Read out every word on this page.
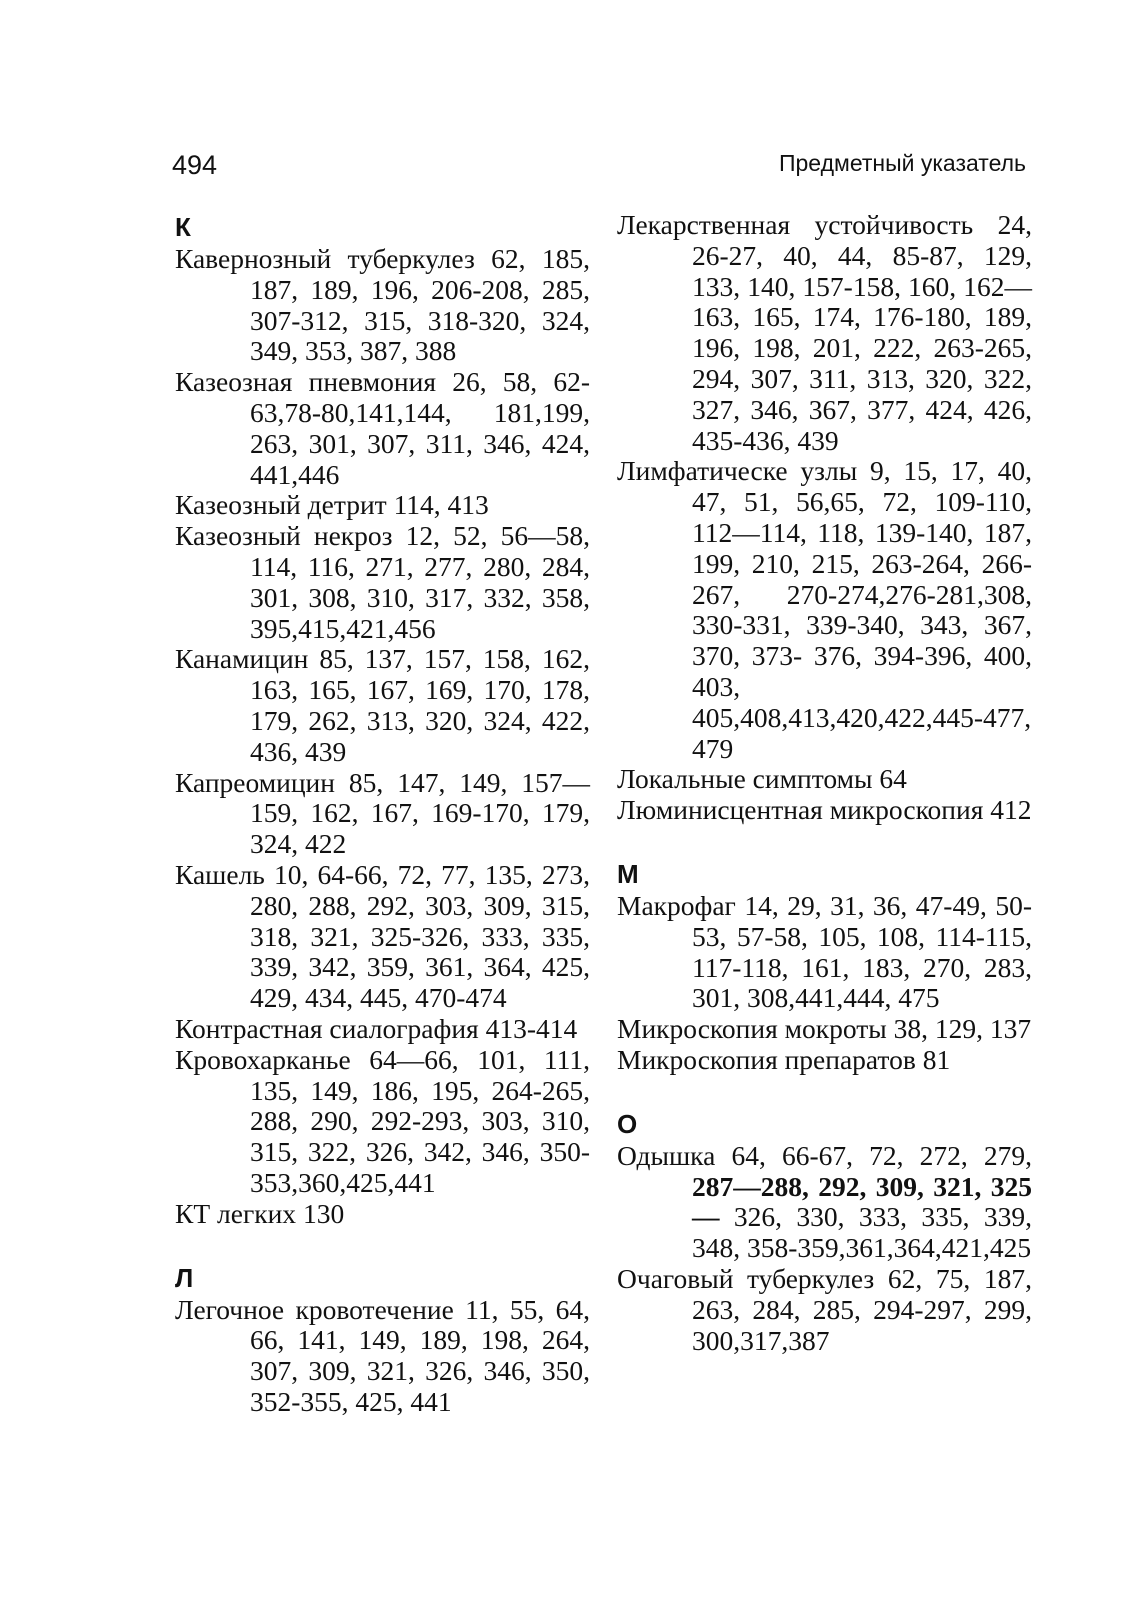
494	Предметный указатель
К
Кавернозный туберкулез 62, 185, 187, 189, 196, 206-208, 285, 307-312, 315, 318-320, 324, 349, 353, 387, 388
Казеозная пневмония 26, 58, 62-63,78-80,141,144, 181,199, 263, 301, 307, 311, 346, 424, 441,446
Казеозный детрит 114, 413
Казеозный некроз 12, 52, 56—58, 114, 116, 271, 277, 280, 284, 301, 308, 310, 317, 332, 358, 395,415,421,456
Канамицин 85, 137, 157, 158, 162, 163, 165, 167, 169, 170, 178, 179, 262, 313, 320, 324, 422, 436, 439
Капреомицин 85, 147, 149, 157—159, 162, 167, 169-170, 179, 324, 422
Кашель 10, 64-66, 72, 77, 135, 273, 280, 288, 292, 303, 309, 315, 318, 321, 325-326, 333, 335, 339, 342, 359, 361, 364, 425, 429, 434, 445, 470-474
Контрастная сиалография 413-414
Кровохарканье 64—66, 101, 111, 135, 149, 186, 195, 264-265, 288, 290, 292-293, 303, 310, 315, 322, 326, 342, 346, 350-353,360,425,441
КТ легких 130
Л
Легочное кровотечение 11, 55, 64, 66, 141, 149, 189, 198, 264, 307, 309, 321, 326, 346, 350, 352-355, 425, 441
Лекарственная устойчивость 24, 26-27, 40, 44, 85-87, 129, 133, 140, 157-158, 160, 162—163, 165, 174, 176-180, 189, 196, 198, 201, 222, 263-265, 294, 307, 311, 313, 320, 322, 327, 346, 367, 377, 424, 426, 435-436, 439
Лимфатическе узлы 9, 15, 17, 40, 47, 51, 56,65, 72, 109-110, 112—114, 118, 139-140, 187, 199, 210, 215, 263-264, 266-267, 270-274,276-281,308, 330-331, 339-340, 343, 367, 370, 373- 376, 394-396, 400, 403, 405,408,413,420,422,445-477, 479
Локальные симптомы 64
Люминисцентная микроскопия 412
М
Макрофаг 14, 29, 31, 36, 47-49, 50-53, 57-58, 105, 108, 114-115, 117-118, 161, 183, 270, 283, 301, 308,441,444, 475
Микроскопия мокроты 38, 129, 137
Микроскопия препаратов 81
О
Одышка 64, 66-67, 72, 272, 279, 287—288, 292, 309, 321, 325— 326, 330, 333, 335, 339, 348, 358-359,361,364,421,425
Очаговый туберкулез 62, 75, 187, 263, 284, 285, 294-297, 299, 300,317,387
